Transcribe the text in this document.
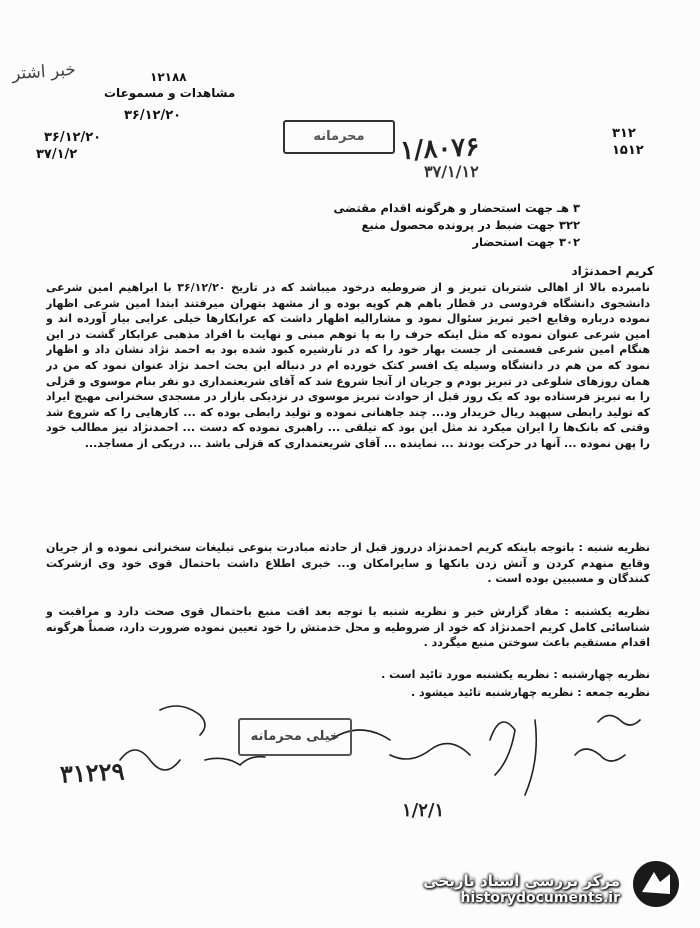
خبر اشتر	۱۲۱۸۸
مشاهدات و مسموعات
۳۶/۱۲/۲۰
۳۶/۱۲/۲۰
۳۷/۱/۲
۳۱۲
۱۵۱۲
محرمانه	۱/۸۰۷۶
۳۷/۱/۱۲
۳ هـ جهت استحضار و هرگونه اقدام مقتضی
۳۲۲ جهت ضبط در پرونده محصول منبع
۳۰۲ جهت استحضار
کریم احمدنژاد
نامبرده بالا از اهالی شتربان تبریز و از ضروطیه درخود میباشد که در تاریخ ۳۶/۱۲/۲۰ با ابراهیم امین شرعی دانشجوی دانشگاه فردوسی در قطار باهم هم کوپه بوده و از مشهد بتهران میرفتند ابتدا امین شرعی اظهار نموده درباره وقایع اخیر تبریز سئوال نمود و مشارالیه اظهار داشت که عرابکارها خیلی عرابی بیار آورده اند و امین شرعی عنوان نموده که مثل اینکه حرف را به پا توهم مبنی و نهایت با افراد مذهبی عرابکار گشت در این هنگام امین شرعی قسمتی از جست بهار خود را که در تارشیره کبود شده بود به احمد نژاد نشان داد و اظهار نمود که من هم در دانشگاه وسیله یک افسر کتک خورده ام در دنباله این بحث احمد نژاد عنوان نمود که من در همان روزهای شلوغی در تبریز بودم و جریان از آنجا شروع شد که آقای شریعتمداری دو نفر بنام موسوی و قزلی را به تبریز فرستاده بود که یک روز قبل از حوادث تبریز موسوی در نزدیکی بازار در مسجدی سخنرانی مهیج ایراد که تولید رابطی سپهبد ریال خریدار ود... چند جاهنانی نموده و تولید رابطی بوده که ... کارهایی را که شروع شد وقتی که بانک‌ها را ایران میکرد ند مثل این بود که تیلقی ... راهبری نموده که دست ... احمدنژاد نیز مطالب خود را پهن نموده ... آنها در حرکت بودند ... نماینده ... آقای شریعتمداری که قزلی باشد ... دریکی از مساجد...
نظریه شنبه : باتوجه باینکه کریم احمدنژاد درروز قبل از حادثه مبادرت بنوعی تبلیغات سخنرانی نموده و از جریان وقایع منهدم کردن و آتش زدن بانکها و سایرامکان و... خبری اطلاع داشت باحتمال قوی خود وی ازشرکت کنندگان و مسببین بوده است .
نظریه یکشنبه : مفاد گزارش خبر و نظریه شنبه با توجه بعد اقت منبع باحتمال قوی صحت دارد و مراقبت و شناسائی کامل کریم احمدنژاد که خود از ضروطیه و محل خدمتش را خود تعیین نموده ضرورت دارد، ضمناً هرگونه اقدام مستقیم باعث سوختن منبع میگردد .
نظریه چهارشنبه : نظریه یکشنبه مورد تائید است .
نظریه جمعه : نظریه چهارشنبه تائید میشود .
خیلی محرمانه
۳۱۲۲۹
۱/۲/۱
مرکز بررسی اسناد تاریخی
historydocuments.ir
